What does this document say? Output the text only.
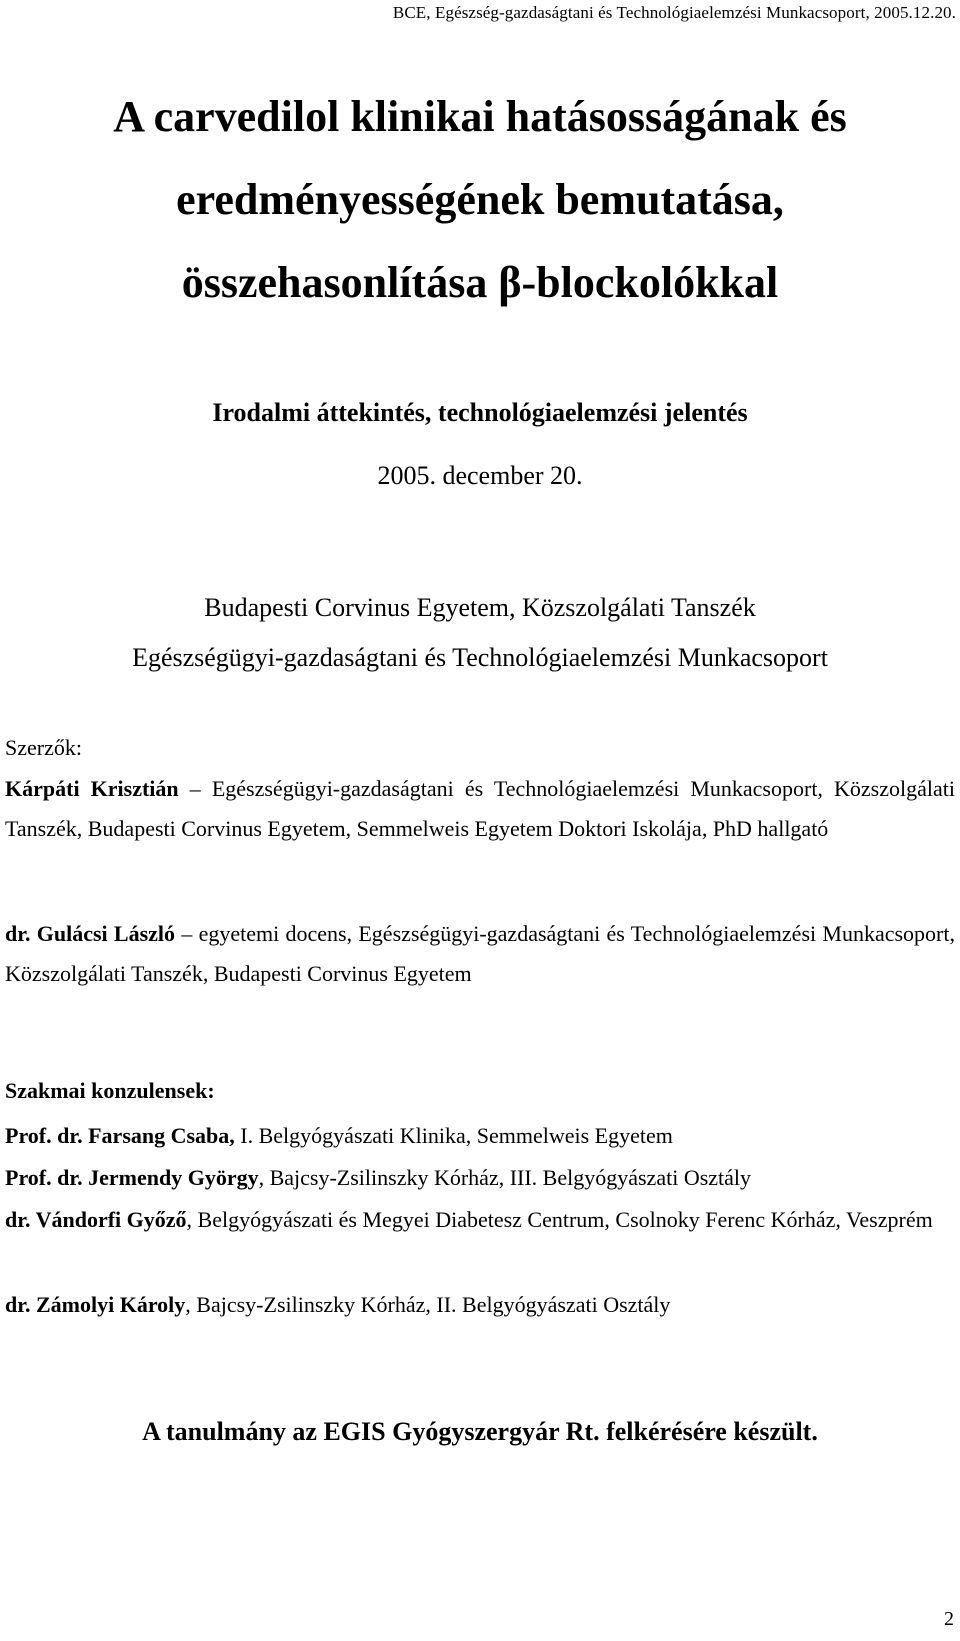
BCE, Egészség-gazdaságtani és Technológiaelemzési Munkacsoport, 2005.12.20.
A carvedilol klinikai hatásosságának és
eredményességének bemutatása,
összehasonlítása β-blockolókkal
Irodalmi áttekintés, technológiaelemzési jelentés
2005. december 20.
Budapesti Corvinus Egyetem, Közszolgálati Tanszék
Egészségügyi-gazdaságtani és Technológiaelemzési Munkacsoport
Szerzők:
Kárpáti Krisztián – Egészségügyi-gazdaságtani és Technológiaelemzési Munkacsoport, Közszolgálati Tanszék, Budapesti Corvinus Egyetem, Semmelweis Egyetem Doktori Iskolája, PhD hallgató
dr. Gulácsi László – egyetemi docens, Egészségügyi-gazdaságtani és Technológiaelemzési Munkacsoport, Közszolgálati Tanszék, Budapesti Corvinus Egyetem
Szakmai konzulensek:
Prof. dr. Farsang Csaba, I. Belgyógyászati Klinika, Semmelweis Egyetem
Prof. dr. Jermendy György, Bajcsy-Zsilinszky Kórház, III. Belgyógyászati Osztály
dr. Vándorfi Győző, Belgyógyászati és Megyei Diabetesz Centrum, Csolnoky Ferenc Kórház, Veszprém
dr. Zámolyi Károly, Bajcsy-Zsilinszky Kórház, II. Belgyógyászati Osztály
A tanulmány az EGIS Gyógyszergyár Rt. felkérésére készült.
2
